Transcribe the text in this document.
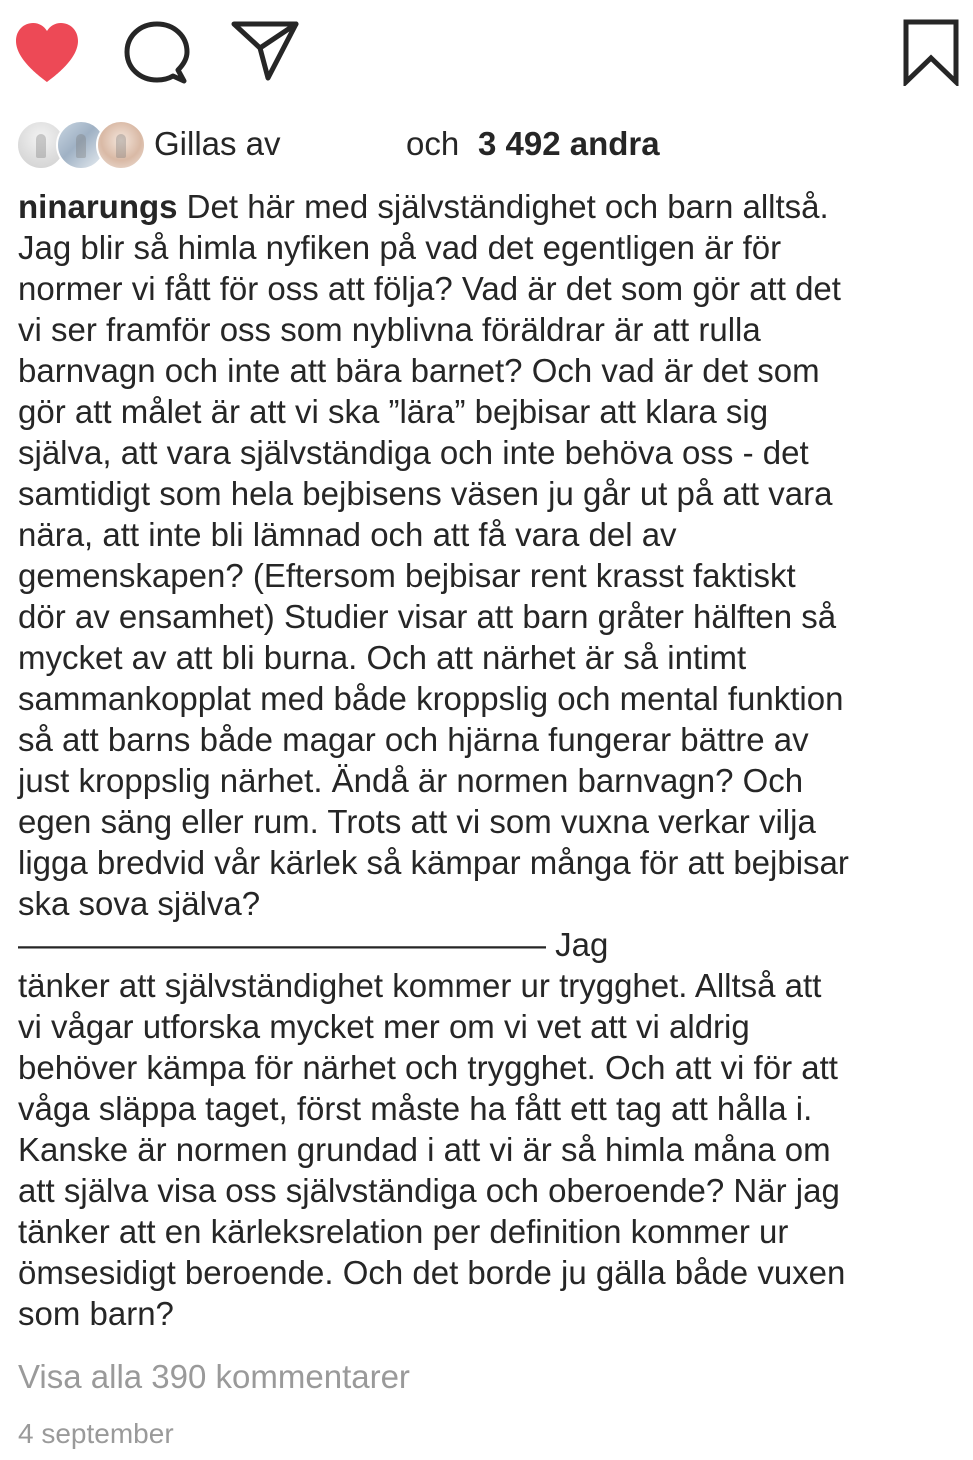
Gillas av	och 3 492 andra

ninarungs Det här med självständighet och barn alltså.
Jag blir så himla nyfiken på vad det egentligen är för
normer vi fått för oss att följa? Vad är det som gör att det
vi ser framför oss som nyblivna föräldrar är att rulla
barnvagn och inte att bära barnet? Och vad är det som
gör att målet är att vi ska ”lära” bejbisar att klara sig
själva, att vara självständiga och inte behöva oss - det
samtidigt som hela bejbisens väsen ju går ut på att vara
nära, att inte bli lämnad och att få vara del av
gemenskapen? (Eftersom bejbisar rent krasst faktiskt
dör av ensamhet) Studier visar att barn gråter hälften så
mycket av att bli burna. Och att närhet är så intimt
sammankopplat med både kroppslig och mental funktion
så att barns både magar och hjärna fungerar bättre av
just kroppslig närhet. Ändå är normen barnvagn? Och
egen säng eller rum. Trots att vi som vuxna verkar vilja
ligga bredvid vår kärlek så kämpar många för att bejbisar
ska sova själva?
———————————————— Jag
tänker att självständighet kommer ur trygghet. Alltså att
vi vågar utforska mycket mer om vi vet att vi aldrig
behöver kämpa för närhet och trygghet. Och att vi för att
våga släppa taget, först måste ha fått ett tag att hålla i.
Kanske är normen grundad i att vi är så himla måna om
att själva visa oss självständiga och oberoende? När jag
tänker att en kärleksrelation per definition kommer ur
ömsesidigt beroende. Och det borde ju gälla både vuxen
som barn?

Visa alla 390 kommentarer
4 september
